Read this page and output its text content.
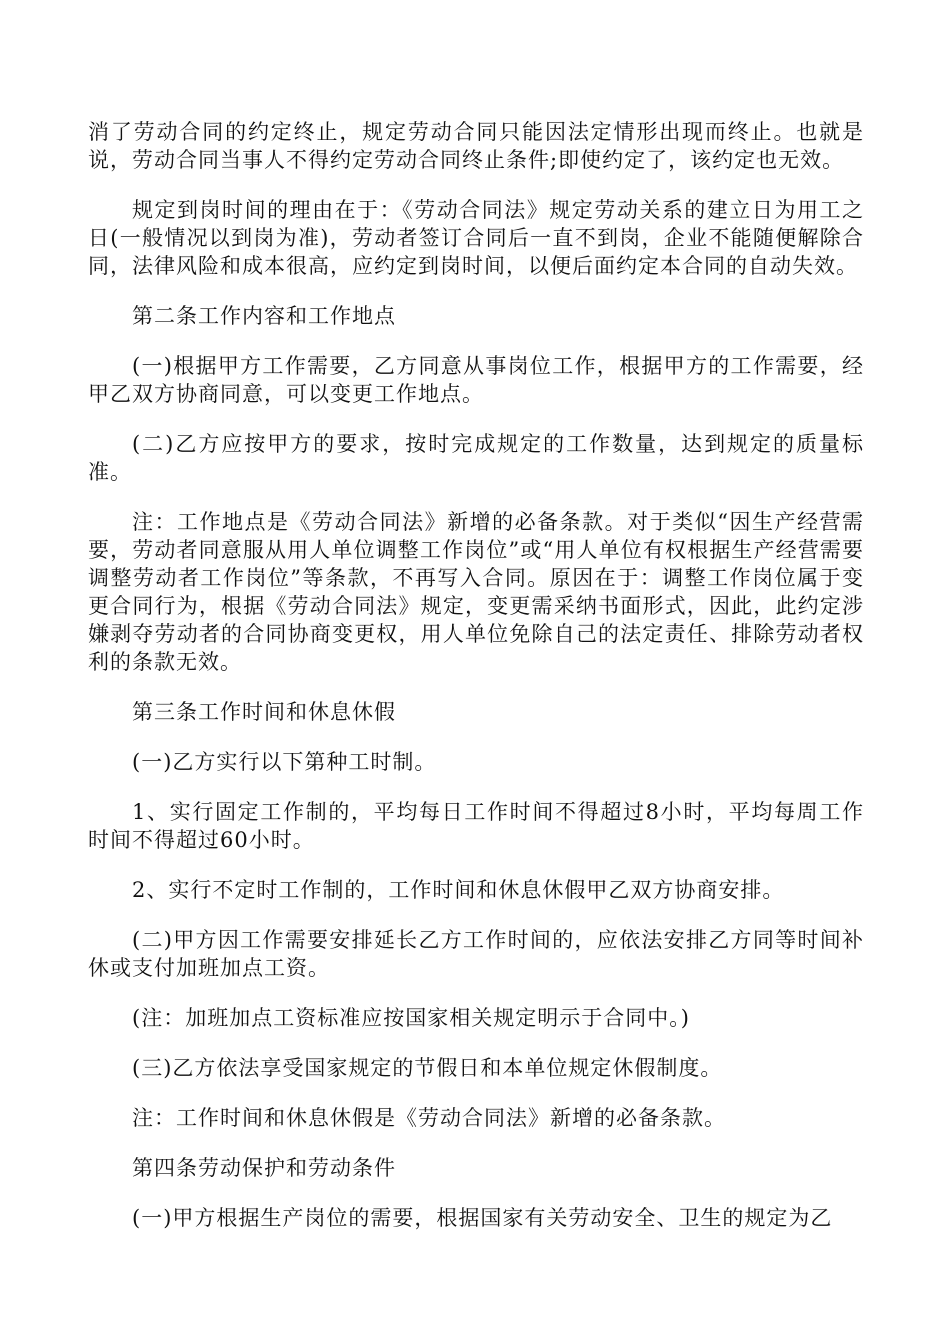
消了劳动合同的约定终止，规定劳动合同只能因法定情形出现而终止。也就是说，劳动合同当事人不得约定劳动合同终止条件;即使约定了，该约定也无效。

规定到岗时间的理由在于：《劳动合同法》规定劳动关系的建立日为用工之日(一般情况以到岗为准)，劳动者签订合同后一直不到岗，企业不能随便解除合同，法律风险和成本很高，应约定到岗时间，以便后面约定本合同的自动失效。

第二条工作内容和工作地点

(一)根据甲方工作需要，乙方同意从事岗位工作，根据甲方的工作需要，经甲乙双方协商同意，可以变更工作地点。

(二)乙方应按甲方的要求，按时完成规定的工作数量，达到规定的质量标准。

注：工作地点是《劳动合同法》新增的必备条款。对于类似“因生产经营需要，劳动者同意服从用人单位调整工作岗位”或“用人单位有权根据生产经营需要调整劳动者工作岗位”等条款，不再写入合同。原因在于：调整工作岗位属于变更合同行为，根据《劳动合同法》规定，变更需采纳书面形式，因此，此约定涉嫌剥夺劳动者的合同协商变更权，用人单位免除自己的法定责任、排除劳动者权利的条款无效。

第三条工作时间和休息休假

(一)乙方实行以下第种工时制。

1、实行固定工作制的，平均每日工作时间不得超过8小时，平均每周工作时间不得超过60小时。

2、实行不定时工作制的，工作时间和休息休假甲乙双方协商安排。

(二)甲方因工作需要安排延长乙方工作时间的，应依法安排乙方同等时间补休或支付加班加点工资。

(注：加班加点工资标准应按国家相关规定明示于合同中。)

(三)乙方依法享受国家规定的节假日和本单位规定休假制度。

注：工作时间和休息休假是《劳动合同法》新增的必备条款。

第四条劳动保护和劳动条件

(一)甲方根据生产岗位的需要，根据国家有关劳动安全、卫生的规定为乙
